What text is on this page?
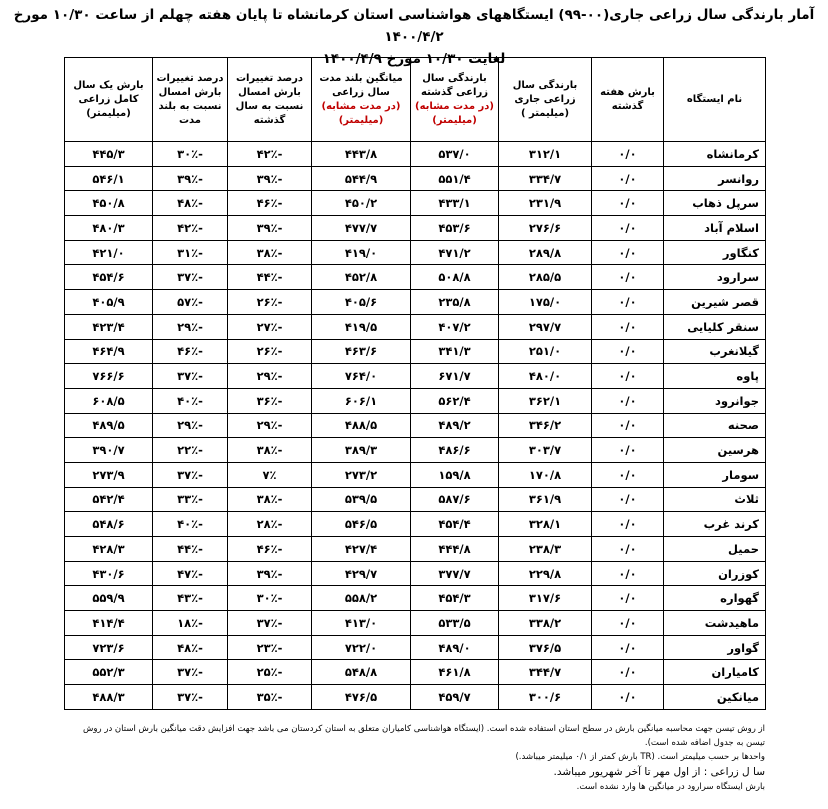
آمار بارندگی سال زراعی جاری(۰۰-۹۹) ایستگاههای هواشناسی استان کرمانشاه تا پایان هفته چهلم از ساعت ۱۰/۳۰ مورخ ۱۴۰۰/۴/۲
لغایت ۱۰/۳۰ مورخ ۱۴۰۰/۴/۹
نام ایستگاه	بارش هفته گذشته	بارندگی سال زراعی جاری (میلیمتر )	بارندگی سال زراعی گذشته
(در مدت مشابه)
(میلیمتر)	میانگین بلند مدت سال زراعی
(در مدت مشابه)
(میلیمتر)	درصد تغییرات بارش امسال نسبت به سال گذشته	درصد تغییرات بارش امسال نسبت به بلند مدت	بارش یک سال کامل زراعی (میلیمتر)
کرمانشاه	۰/۰	۳۱۲/۱	۵۳۷/۰	۴۴۳/۸	-۴۲٪	-۳۰٪	۴۴۵/۳
روانسر	۰/۰	۳۳۴/۷	۵۵۱/۴	۵۴۴/۹	-۳۹٪	-۳۹٪	۵۴۶/۱
سرپل ذهاب	۰/۰	۲۳۱/۹	۴۳۳/۱	۴۵۰/۲	-۴۶٪	-۴۸٪	۴۵۰/۸
اسلام آباد	۰/۰	۲۷۶/۶	۴۵۳/۶	۴۷۷/۷	-۳۹٪	-۴۲٪	۴۸۰/۳
کنگاور	۰/۰	۲۸۹/۸	۴۷۱/۲	۴۱۹/۰	-۳۸٪	-۳۱٪	۴۲۱/۰
سرارود	۰/۰	۲۸۵/۵	۵۰۸/۸	۴۵۲/۸	-۴۴٪	-۳۷٪	۴۵۴/۶
قصر شیرین	۰/۰	۱۷۵/۰	۲۳۵/۸	۴۰۵/۶	-۲۶٪	-۵۷٪	۴۰۵/۹
سنقر کلیایی	۰/۰	۲۹۷/۷	۴۰۷/۲	۴۱۹/۵	-۲۷٪	-۲۹٪	۴۲۳/۴
گیلانغرب	۰/۰	۲۵۱/۰	۳۴۱/۳	۴۶۳/۶	-۲۶٪	-۴۶٪	۴۶۴/۹
پاوه	۰/۰	۴۸۰/۰	۶۷۱/۷	۷۶۴/۰	-۲۹٪	-۳۷٪	۷۶۶/۶
جوانرود	۰/۰	۳۶۲/۱	۵۶۲/۴	۶۰۶/۱	-۳۶٪	-۴۰٪	۶۰۸/۵
صحنه	۰/۰	۳۴۶/۲	۴۸۹/۲	۴۸۸/۵	-۲۹٪	-۲۹٪	۴۸۹/۵
هرسین	۰/۰	۳۰۳/۷	۴۸۶/۶	۳۸۹/۳	-۳۸٪	-۲۲٪	۳۹۰/۷
سومار	۰/۰	۱۷۰/۸	۱۵۹/۸	۲۷۳/۲	۷٪	-۳۷٪	۲۷۳/۹
ثلاث	۰/۰	۳۶۱/۹	۵۸۷/۶	۵۳۹/۵	-۳۸٪	-۳۳٪	۵۴۲/۴
کرند غرب	۰/۰	۳۲۸/۱	۴۵۴/۴	۵۴۶/۵	-۲۸٪	-۴۰٪	۵۴۸/۶
حمیل	۰/۰	۲۳۸/۳	۴۴۴/۸	۴۲۷/۴	-۴۶٪	-۴۴٪	۴۲۸/۳
کوزران	۰/۰	۲۲۹/۸	۳۷۷/۷	۴۲۹/۷	-۳۹٪	-۴۷٪	۴۳۰/۶
گهواره	۰/۰	۳۱۷/۶	۴۵۴/۳	۵۵۸/۲	-۳۰٪	-۴۳٪	۵۵۹/۹
ماهیدشت	۰/۰	۳۳۸/۲	۵۳۳/۵	۴۱۳/۰	-۳۷٪	-۱۸٪	۴۱۴/۴
گواور	۰/۰	۳۷۶/۵	۴۸۹/۰	۷۲۲/۰	-۲۳٪	-۴۸٪	۷۲۳/۶
کامیاران	۰/۰	۳۴۴/۷	۴۶۱/۸	۵۴۸/۸	-۲۵٪	-۳۷٪	۵۵۲/۳
میانکین	۰/۰	۳۰۰/۶	۴۵۹/۷	۴۷۶/۵	-۳۵٪	-۳۷٪	۴۸۸/۳
از روش تیسن جهت محاسبه میانگین بارش در سطح استان استفاده شده است. (ایستگاه هواشناسی کامیاران متعلق به استان کردستان می باشد جهت افزایش دقت میانگین بارش استان در روش تیسن به جدول اضافه شده است).
واحدها بر حسب میلیمتر است. (TR بارش کمتر از ۰/۱ میلیمتر میباشد.)
سا ل زراعی : از اول مهر تا آخر شهریور میباشد.
بارش ایستگاه سرارود در میانگین ها وارد نشده است.
